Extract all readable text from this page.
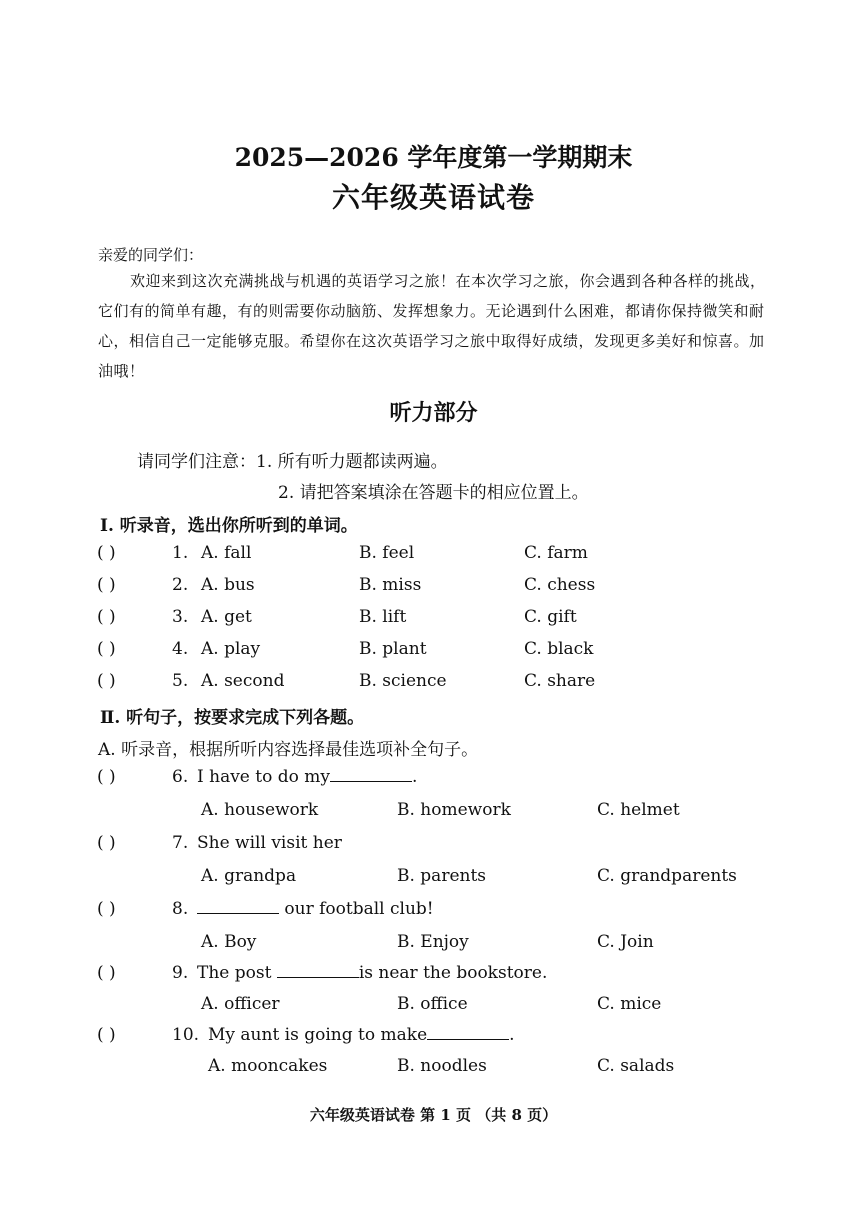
2025—2026 学年度第一学期期末
六年级英语试卷
亲爱的同学们：
欢迎来到这次充满挑战与机遇的英语学习之旅！在本次学习之旅，你会遇到各种各样的挑战，它们有的简单有趣，有的则需要你动脑筋、发挥想象力。无论遇到什么困难，都请你保持微笑和耐心，相信自己一定能够克服。希望你在这次英语学习之旅中取得好成绩，发现更多美好和惊喜。加油哦！
听力部分
请同学们注意：1. 所有听力题都读两遍。
2. 请把答案填涂在答题卡的相应位置上。
Ⅰ. 听录音，选出你所听到的单词。
( )	1. A. fall	B. feel	C. farm
( )	2. A. bus	B. miss	C. chess
( )	3. A. get	B. lift	C. gift
( )	4. A. play	B. plant	C. black
( )	5. A. second	B. science	C. share
Ⅱ. 听句子，按要求完成下列各题。
A. 听录音，根据所听内容选择最佳选项补全句子。
( )	6. I have to do my	.
A. housework	B. homework	C. helmet
( )	7. She will visit her
A. grandpa	B. parents	C. grandparents
( )	8.	our football club!
A. Boy	B. Enjoy	C. Join
( )	9. The post	is near the bookstore.
A. officer	B. office	C. mice
( )	10. My aunt is going to make	.
A. mooncakes	B. noodles	C. salads
六年级英语试卷 第 1 页 （共 8 页）
